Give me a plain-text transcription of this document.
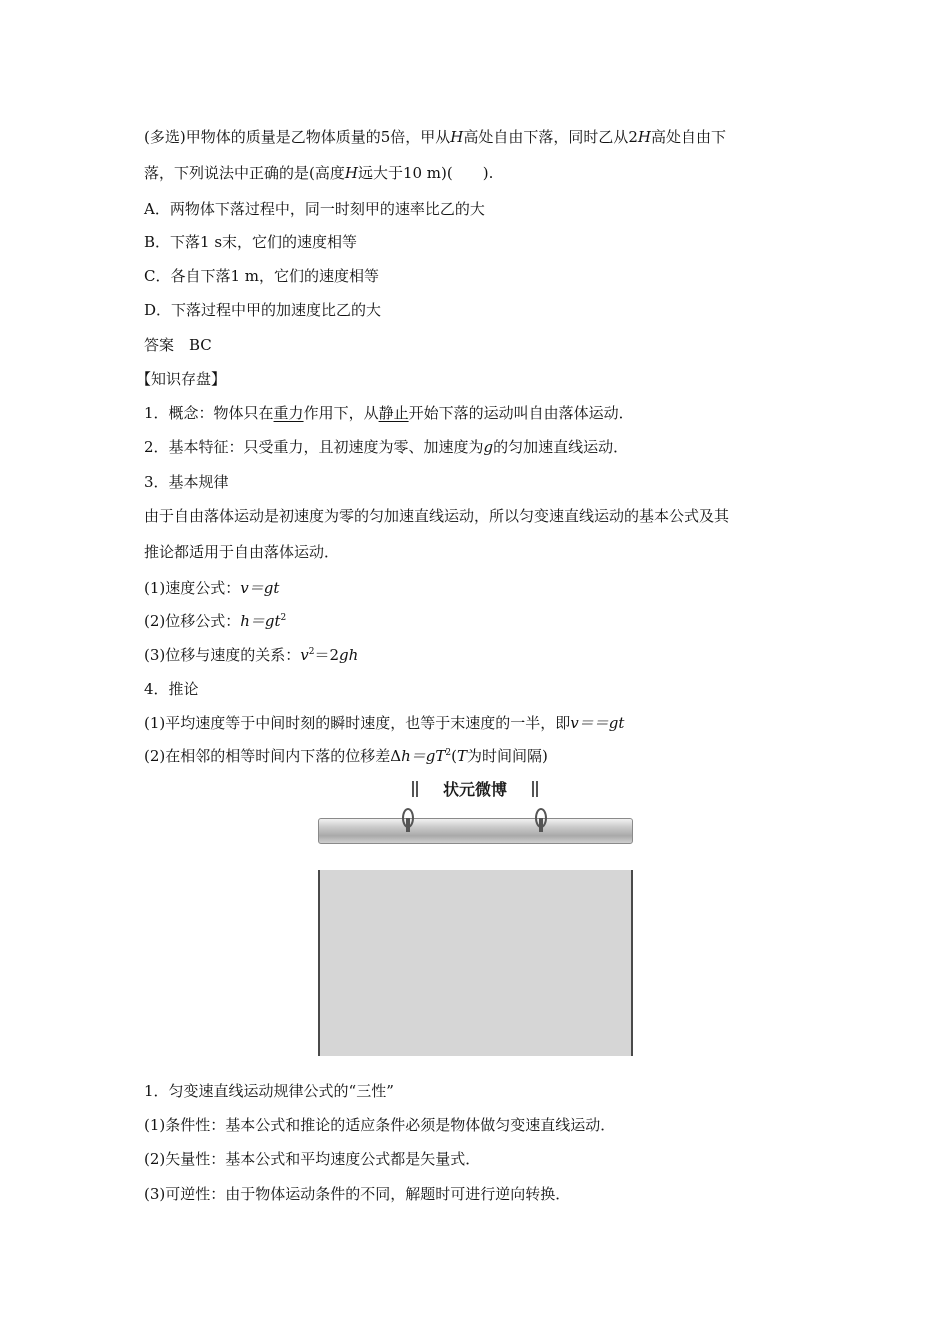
(多选)甲物体的质量是乙物体质量的5倍，甲从H高处自由下落，同时乙从2H高处自由下
落，下列说法中正确的是(高度H远大于10 m)(　　).
A．两物体下落过程中，同一时刻甲的速率比乙的大
B．下落1 s末，它们的速度相等
C．各自下落1 m，它们的速度相等
D．下落过程中甲的加速度比乙的大
答案　BC
【知识存盘】
1．概念：物体只在重力作用下，从静止开始下落的运动叫自由落体运动．
2．基本特征：只受重力，且初速度为零、加速度为g的匀加速直线运动．
3．基本规律
由于自由落体运动是初速度为零的匀加速直线运动，所以匀变速直线运动的基本公式及其
推论都适用于自由落体运动．
(1)速度公式：v＝gt
(2)位移公式：$h=gt^2$
(3)位移与速度的关系：$v^2=2gh$
4．推论
(1)平均速度等于中间时刻的瞬时速度，也等于末速度的一半，即v＝＝gt
(2)在相邻的相等时间内下落的位移差$\Delta h=gT^2(T$为时间间隔)
状元微博
1．匀变速直线运动规律公式的“三性”
(1)条件性：基本公式和推论的适应条件必须是物体做匀变速直线运动．
(2)矢量性：基本公式和平均速度公式都是矢量式．
(3)可逆性：由于物体运动条件的不同，解题时可进行逆向转换．
